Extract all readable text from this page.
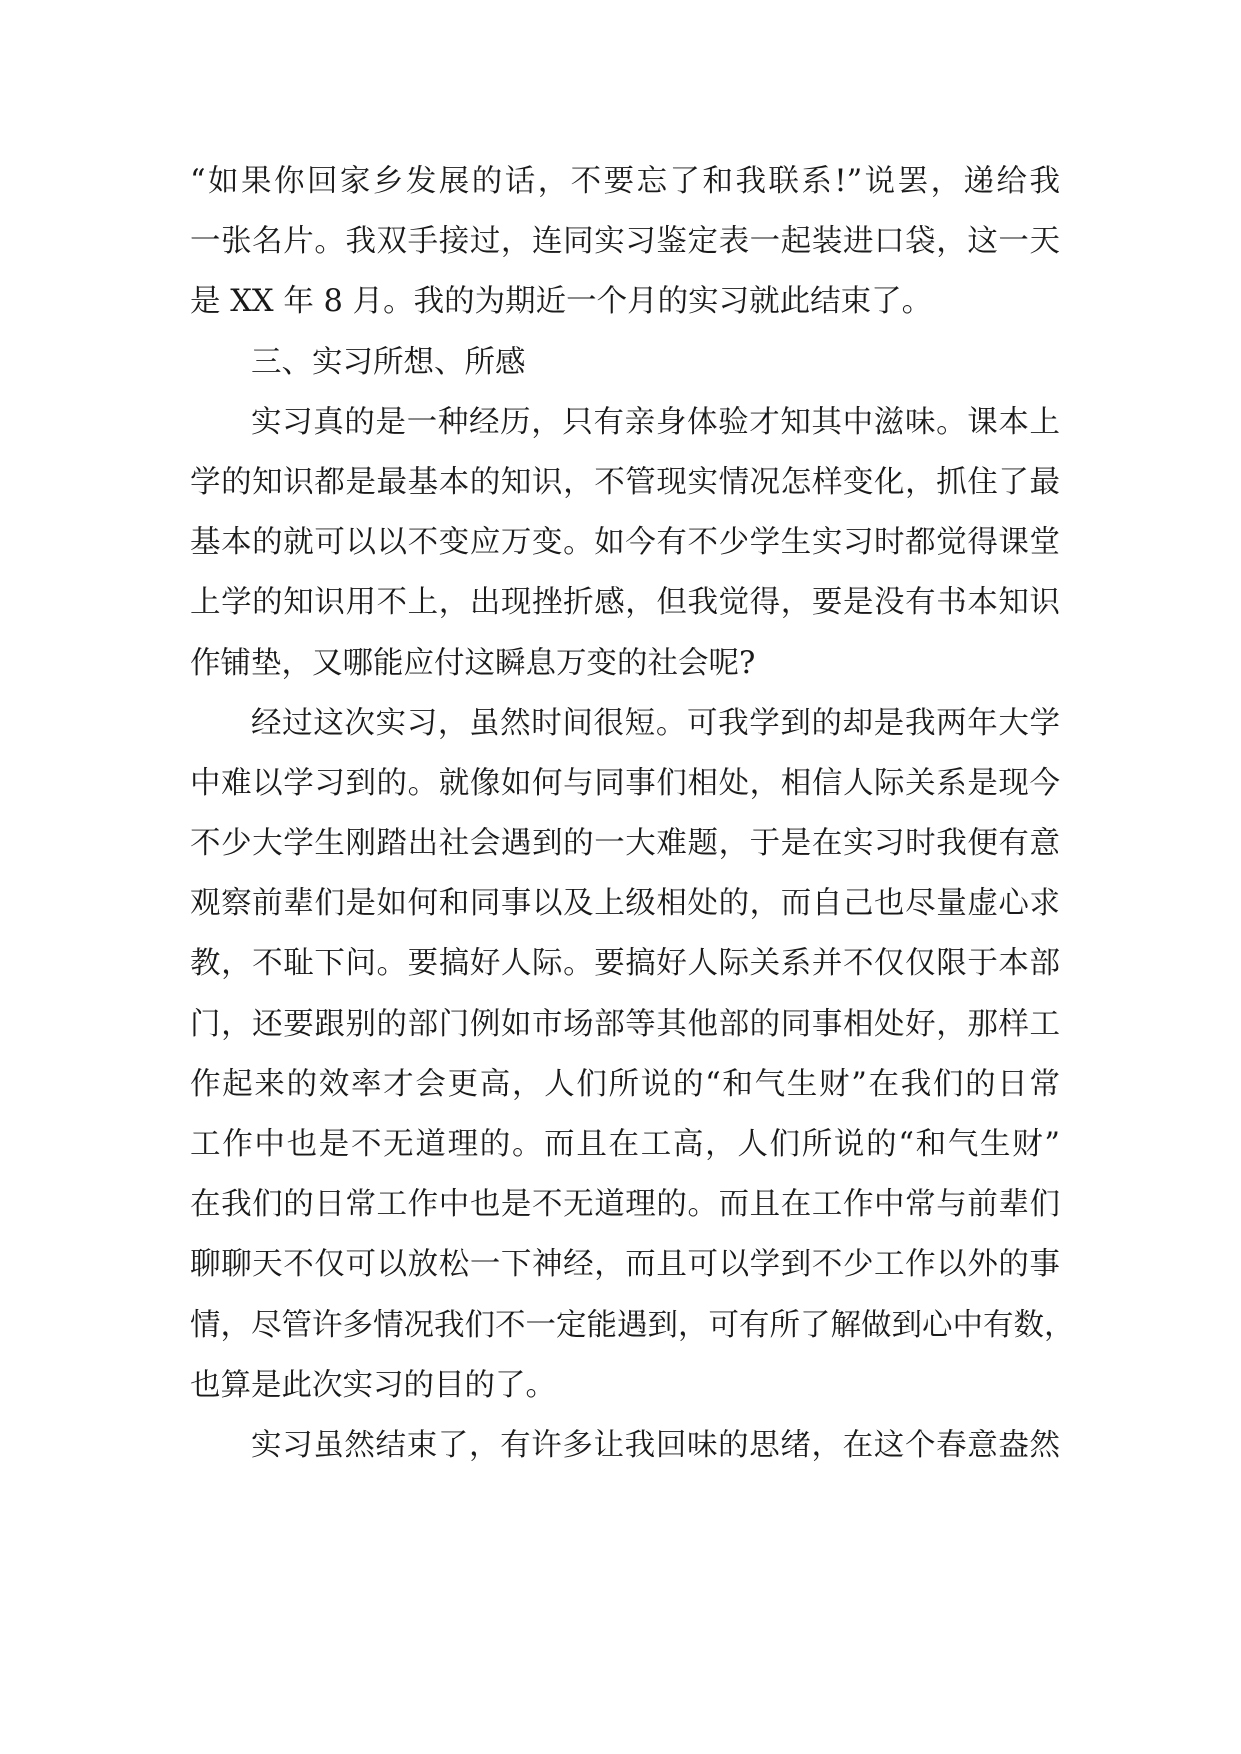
“如果你回家乡发展的话，不要忘了和我联系!”说罢，递给我
一张名片。我双手接过，连同实习鉴定表一起装进口袋，这一天
是 XX 年 8 月。我的为期近一个月的实习就此结束了。
三、实习所想、所感
实习真的是一种经历，只有亲身体验才知其中滋味。课本上
学的知识都是最基本的知识，不管现实情况怎样变化，抓住了最
基本的就可以以不变应万变。如今有不少学生实习时都觉得课堂
上学的知识用不上，出现挫折感，但我觉得，要是没有书本知识
作铺垫，又哪能应付这瞬息万变的社会呢?
经过这次实习，虽然时间很短。可我学到的却是我两年大学
中难以学习到的。就像如何与同事们相处，相信人际关系是现今
不少大学生刚踏出社会遇到的一大难题，于是在实习时我便有意
观察前辈们是如何和同事以及上级相处的，而自己也尽量虚心求
教，不耻下问。要搞好人际。要搞好人际关系并不仅仅限于本部
门，还要跟别的部门例如市场部等其他部的同事相处好，那样工
作起来的效率才会更高，人们所说的“和气生财”在我们的日常
工作中也是不无道理的。而且在工高，人们所说的“和气生财”
在我们的日常工作中也是不无道理的。而且在工作中常与前辈们
聊聊天不仅可以放松一下神经，而且可以学到不少工作以外的事
情，尽管许多情况我们不一定能遇到，可有所了解做到心中有数，
也算是此次实习的目的了。
实习虽然结束了，有许多让我回味的思绪，在这个春意盎然
